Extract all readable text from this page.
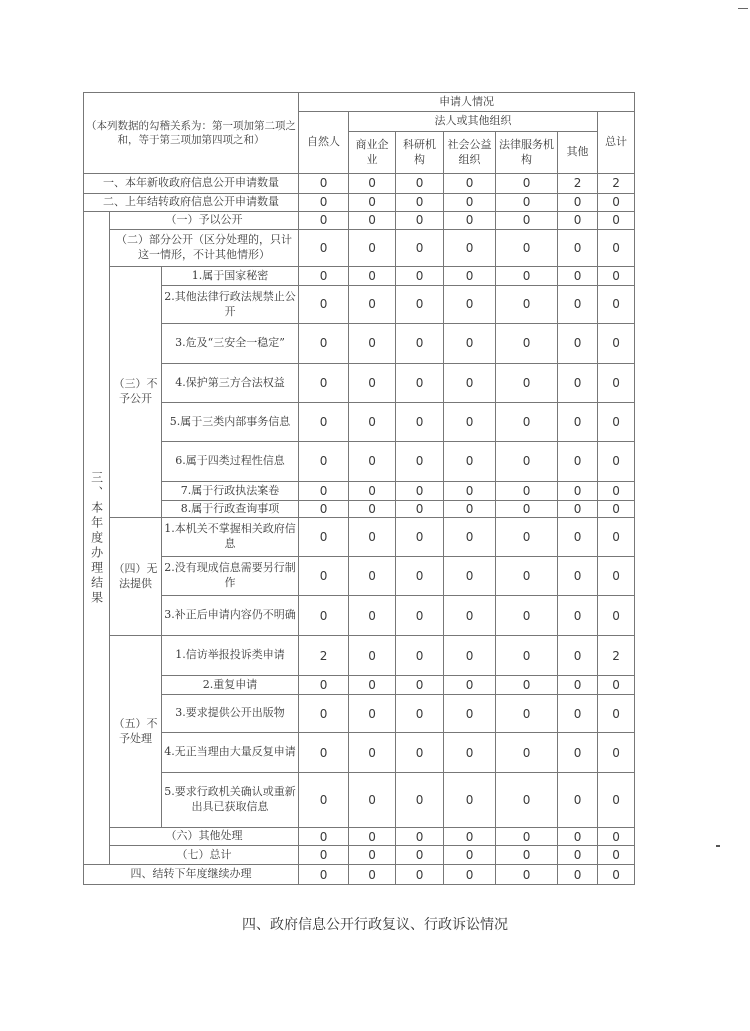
（本列数据的勾稽关系为：第一项加第二项之和，等于第三项加第四项之和）			申请人情况						
			自然人	法人或其他组织					总计
				商业企业	科研机构	社会公益组织	法律服务机构	其他	

一、本年新收政府信息公开申请数量			0	0	0	0	0	2	2
二、上年结转政府信息公开申请数量			0	0	0	0	0	0	0
三、本年度办理结果	（一）予以公开		0	0	0	0	0	0	0
	（二）部分公开（区分处理的，只计这一情形，不计其他情形）		0	0	0	0	0	0	0
	（三）不予公开	1.属于国家秘密	0	0	0	0	0	0	0
		2.其他法律行政法规禁止公开	0	0	0	0	0	0	0
		3.危及“三安全一稳定”	0	0	0	0	0	0	0
		4.保护第三方合法权益	0	0	0	0	0	0	0
		5.属于三类内部事务信息	0	0	0	0	0	0	0
		6.属于四类过程性信息	0	0	0	0	0	0	0
		7.属于行政执法案卷	0	0	0	0	0	0	0
		8.属于行政查询事项	0	0	0	0	0	0	0
	（四）无法提供	1.本机关不掌握相关政府信息	0	0	0	0	0	0	0
		2.没有现成信息需要另行制作	0	0	0	0	0	0	0
		3.补正后申请内容仍不明确	0	0	0	0	0	0	0
	（五）不予处理	1.信访举报投诉类申请	2	0	0	0	0	0	2
		2.重复申请	0	0	0	0	0	0	0
		3.要求提供公开出版物	0	0	0	0	0	0	0
		4.无正当理由大量反复申请	0	0	0	0	0	0	0
		5.要求行政机关确认或重新出具已获取信息	0	0	0	0	0	0	0
	（六）其他处理		0	0	0	0	0	0	0
	（七）总计		0	0	0	0	0	0	0
四、结转下年度继续办理			0	0	0	0	0	0	0
四、政府信息公开行政复议、行政诉讼情况
